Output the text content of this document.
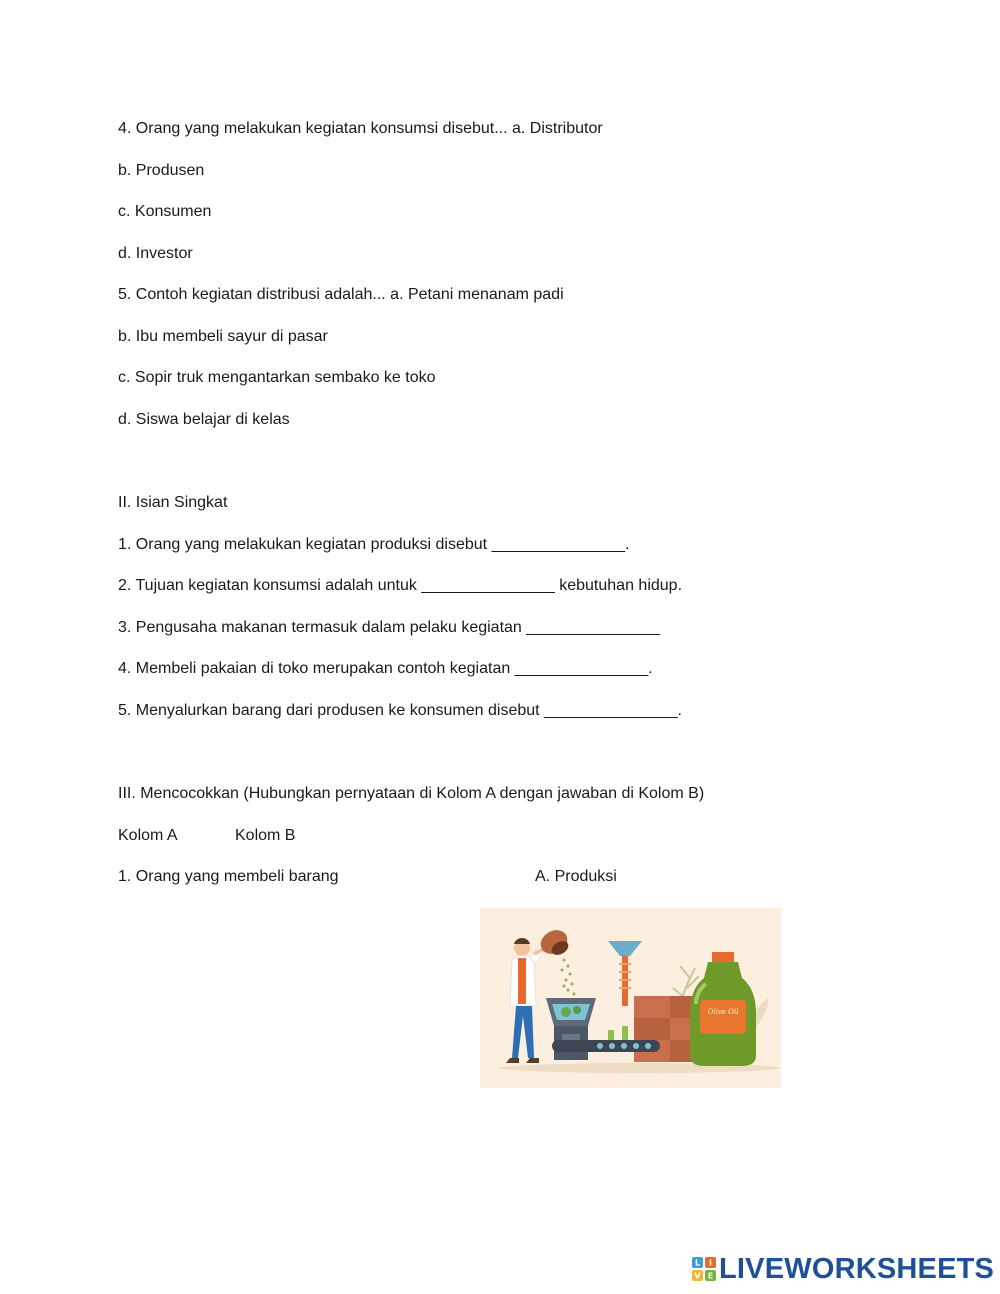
4. Orang yang melakukan kegiatan konsumsi disebut... a. Distributor

b. Produsen

c. Konsumen

d. Investor

5. Contoh kegiatan distribusi adalah... a. Petani menanam padi

b. Ibu membeli sayur di pasar

c. Sopir truk mengantarkan sembako ke toko

d. Siswa belajar di kelas

II. Isian Singkat

1. Orang yang melakukan kegiatan produksi disebut _______________.

2. Tujuan kegiatan konsumsi adalah untuk _______________ kebutuhan hidup.

3. Pengusaha makanan termasuk dalam pelaku kegiatan _______________

4. Membeli pakaian di toko merupakan contoh kegiatan _______________.

5. Menyalurkan barang dari produsen ke konsumen disebut _______________.

III. Mencocokkan (Hubungkan pernyataan di Kolom A dengan jawaban di Kolom B)

Kolom A	Kolom B

1. Orang yang membeli barang	A. Produksi
Olive Oil
L I
V E LIVEWORKSHEETS
